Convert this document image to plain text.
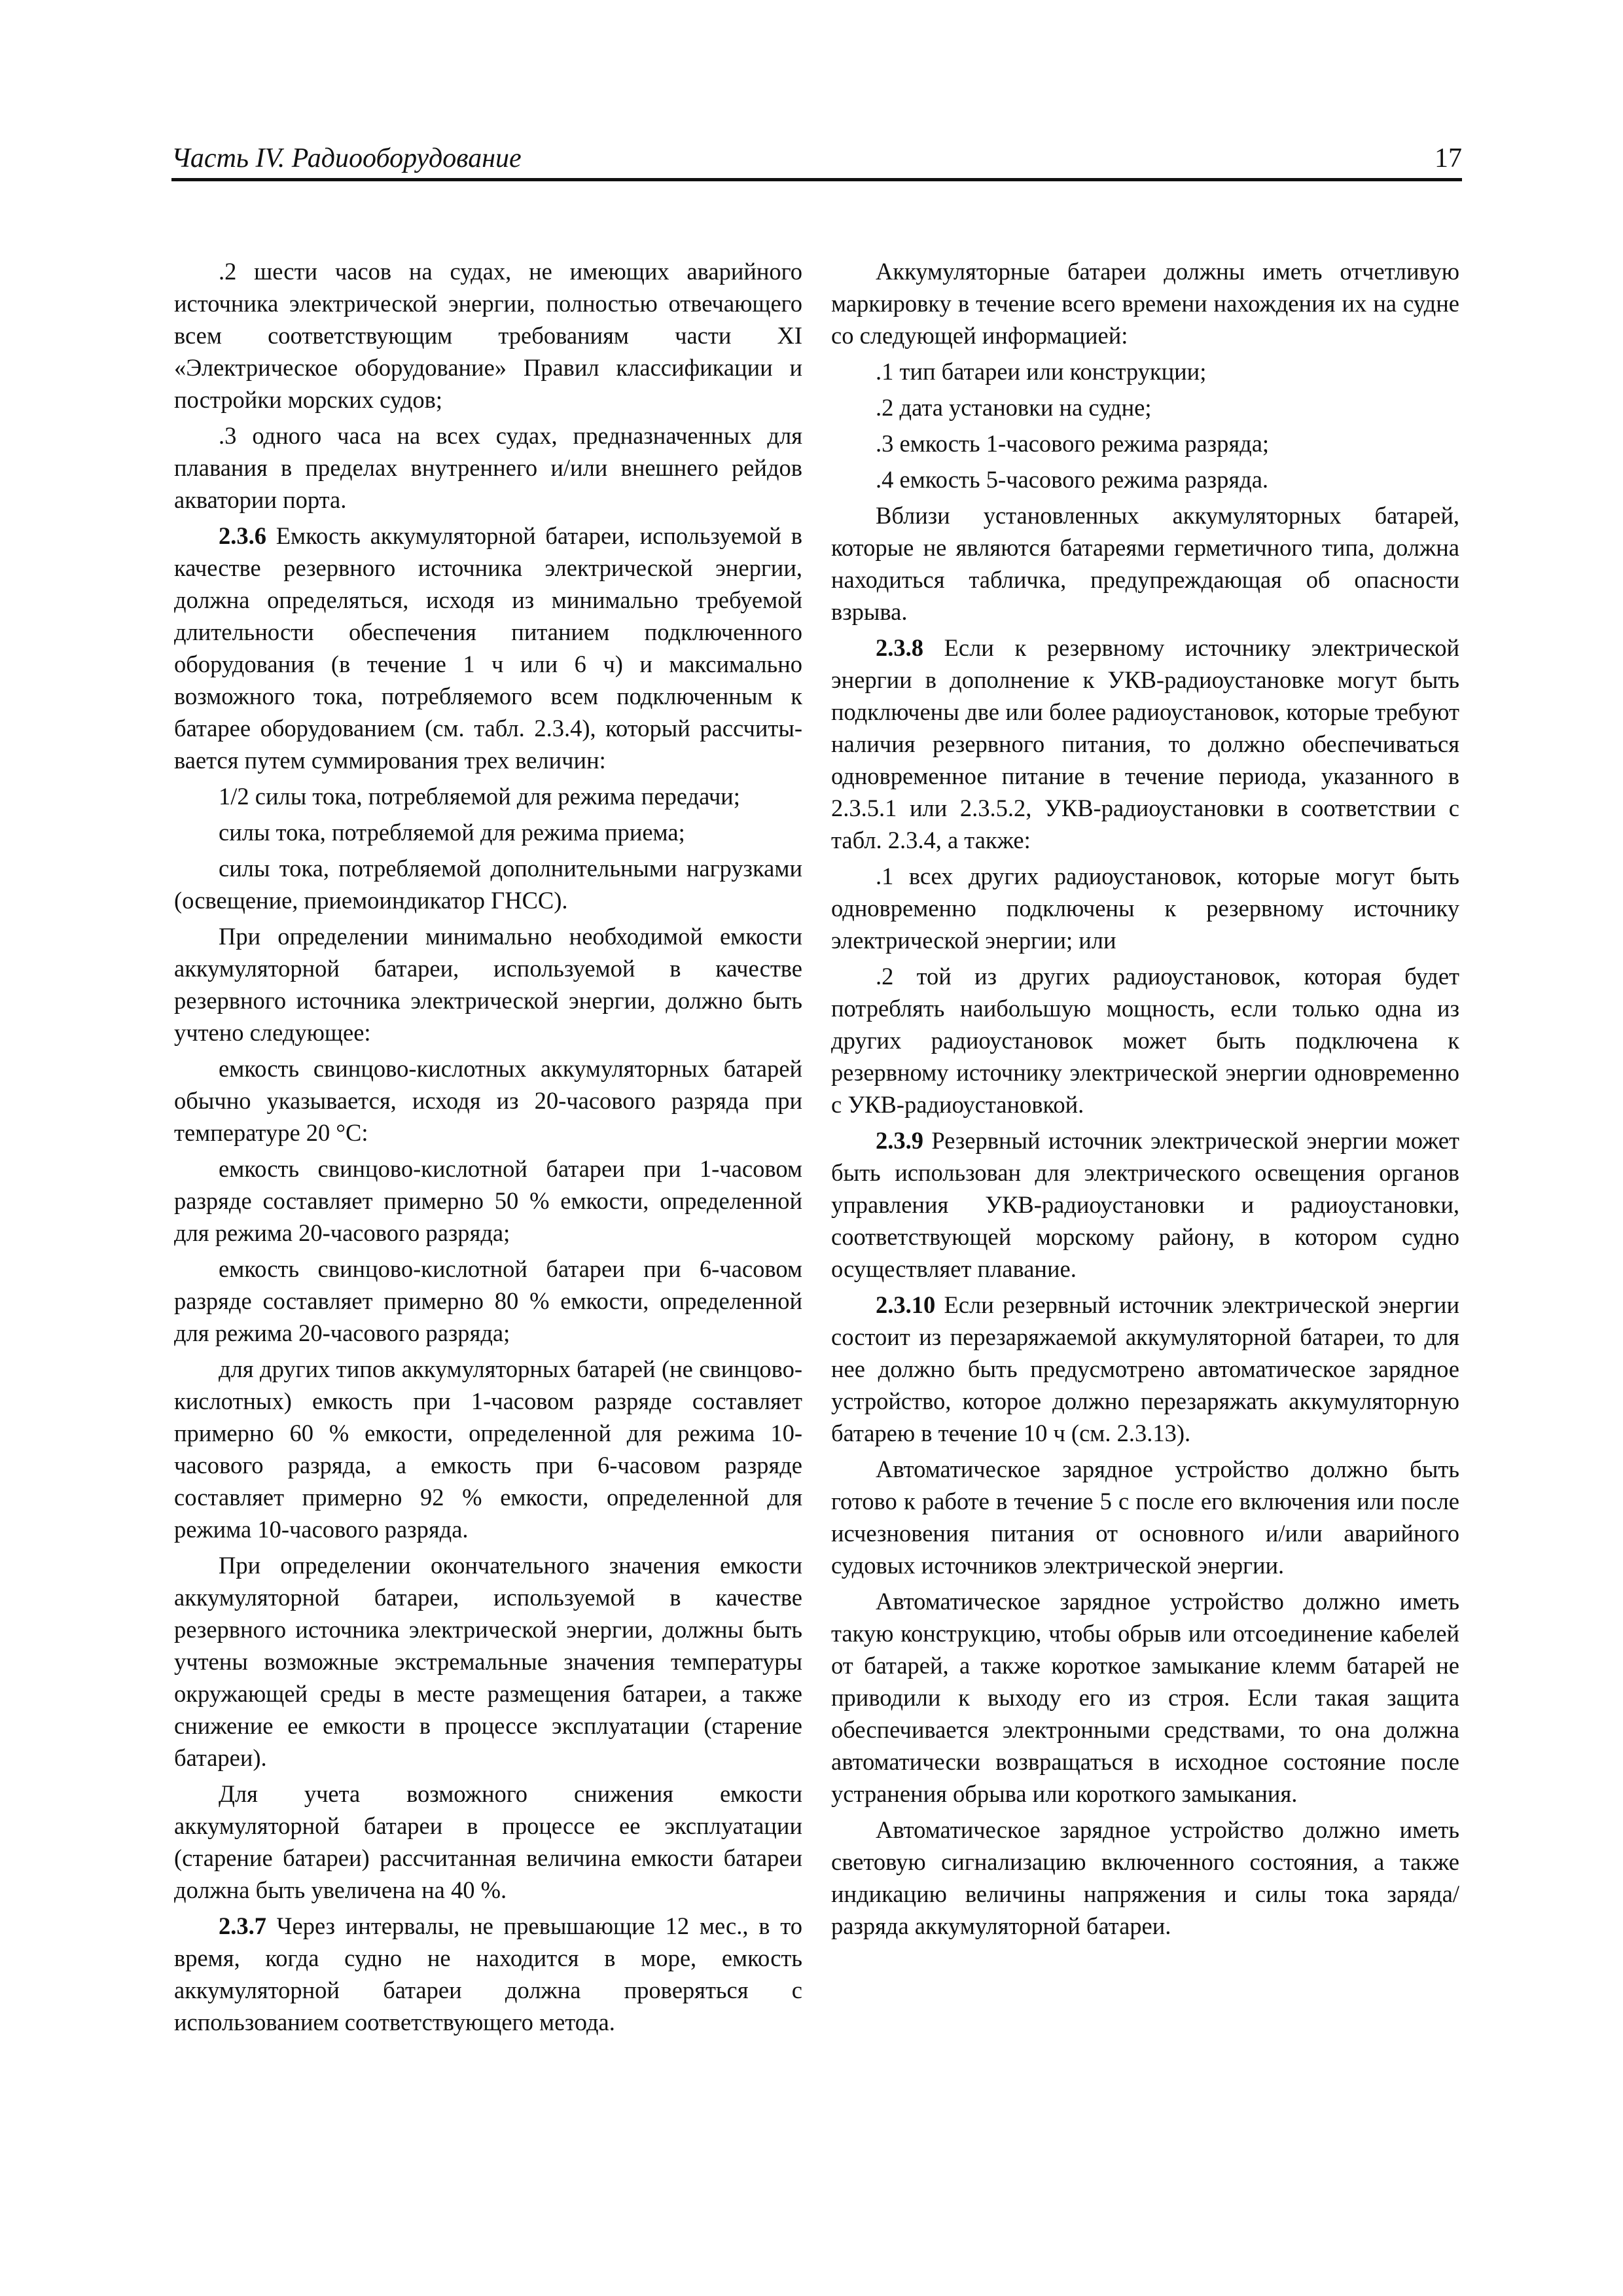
Часть IV. Радиооборудование	17

.2 шести часов на судах, не имеющих аварийного источника электрической энергии, полностью отвечающего всем соответствующим требованиям части XI «Электрическое оборудование» Правил классификации и постройки морских судов;

.3 одного часа на всех судах, предназначенных для плавания в пределах внутреннего и/или внешнего рейдов акватории порта.

2.3.6 Емкость аккумуляторной батареи, используемой в качестве резервного источника электрической энергии, должна определяться, исходя из минимально требуемой длительности обеспечения питанием подключенного оборудования (в течение 1 ч или 6 ч) и максимально возможного тока, потребляемого всем подключенным к батарее оборудованием (см. табл. 2.3.4), который рассчитывается путем суммирования трех величин:

1/2 силы тока, потребляемой для режима передачи;

силы тока, потребляемой для режима приема;

силы тока, потребляемой дополнительными нагрузками (освещение, приемоиндикатор ГНСС).

При определении минимально необходимой емкости аккумуляторной батареи, используемой в качестве резервного источника электрической энергии, должно быть учтено следующее:

емкость свинцово-кислотных аккумуляторных батарей обычно указывается, исходя из 20-часового разряда при температуре 20 °С:

емкость свинцово-кислотной батареи при 1-часовом разряде составляет примерно 50 % емкости, определенной для режима 20-часового разряда;

емкость свинцово-кислотной батареи при 6-часовом разряде составляет примерно 80 % емкости, определенной для режима 20-часового разряда;

для других типов аккумуляторных батарей (не свинцово-кислотных) емкость при 1-часовом разряде составляет примерно 60 % емкости, определенной для режима 10-часового разряда, а емкость при 6-часовом разряде составляет примерно 92 % емкости, определенной для режима 10-часового разряда.

При определении окончательного значения емкости аккумуляторной батареи, используемой в качестве резервного источника электрической энергии, должны быть учтены возможные экстремальные значения температуры окружающей среды в месте размещения батареи, а также снижение ее емкости в процессе эксплуатации (старение батареи).

Для учета возможного снижения емкости аккумуляторной батареи в процессе ее эксплуатации (старение батареи) рассчитанная величина емкости батареи должна быть увеличена на 40 %.

2.3.7 Через интервалы, не превышающие 12 мес., в то время, когда судно не находится в море, емкость аккумуляторной батареи должна проверяться с использованием соответствующего метода.

Аккумуляторные батареи должны иметь отчетливую маркировку в течение всего времени нахождения их на судне со следующей информацией:

.1 тип батареи или конструкции;

.2 дата установки на судне;

.3 емкость 1-часового режима разряда;

.4 емкость 5-часового режима разряда.

Вблизи установленных аккумуляторных батарей, которые не являются батареями герметичного типа, должна находиться табличка, предупреждающая об опасности взрыва.

2.3.8 Если к резервному источнику электрической энергии в дополнение к УКВ-радиоустановке могут быть подключены две или более радиоустановок, которые требуют наличия резервного питания, то должно обеспечиваться одновременное питание в течение периода, указанного в 2.3.5.1 или 2.3.5.2, УКВ-радиоустановки в соответствии с табл. 2.3.4, а также:

.1 всех других радиоустановок, которые могут быть одновременно подключены к резервному источнику электрической энергии; или

.2 той из других радиоустановок, которая будет потреблять наибольшую мощность, если только одна из других радиоустановок может быть подключена к резервному источнику электрической энергии одновременно с УКВ-радиоустановкой.

2.3.9 Резервный источник электрической энергии может быть использован для электрического освещения органов управления УКВ-радиоустановки и радиоустановки, соответствующей морскому району, в котором судно осуществляет плавание.

2.3.10 Если резервный источник электрической энергии состоит из перезаряжаемой аккумуляторной батареи, то для нее должно быть предусмотрено автоматическое зарядное устройство, которое должно перезаряжать аккумуляторную батарею в течение 10 ч (см. 2.3.13).

Автоматическое зарядное устройство должно быть готово к работе в течение 5 с после его включения или после исчезновения питания от основного и/или аварийного судовых источников электрической энергии.

Автоматическое зарядное устройство должно иметь такую конструкцию, чтобы обрыв или отсоединение кабелей от батарей, а также короткое замыкание клемм батарей не приводили к выходу его из строя. Если такая защита обеспечивается электронными средствами, то она должна автоматически возвращаться в исходное состояние после устранения обрыва или короткого замыкания.

Автоматическое зарядное устройство должно иметь световую сигнализацию включенного состояния, а также индикацию величины напряжения и силы тока заряда/разряда аккумуляторной батареи.
